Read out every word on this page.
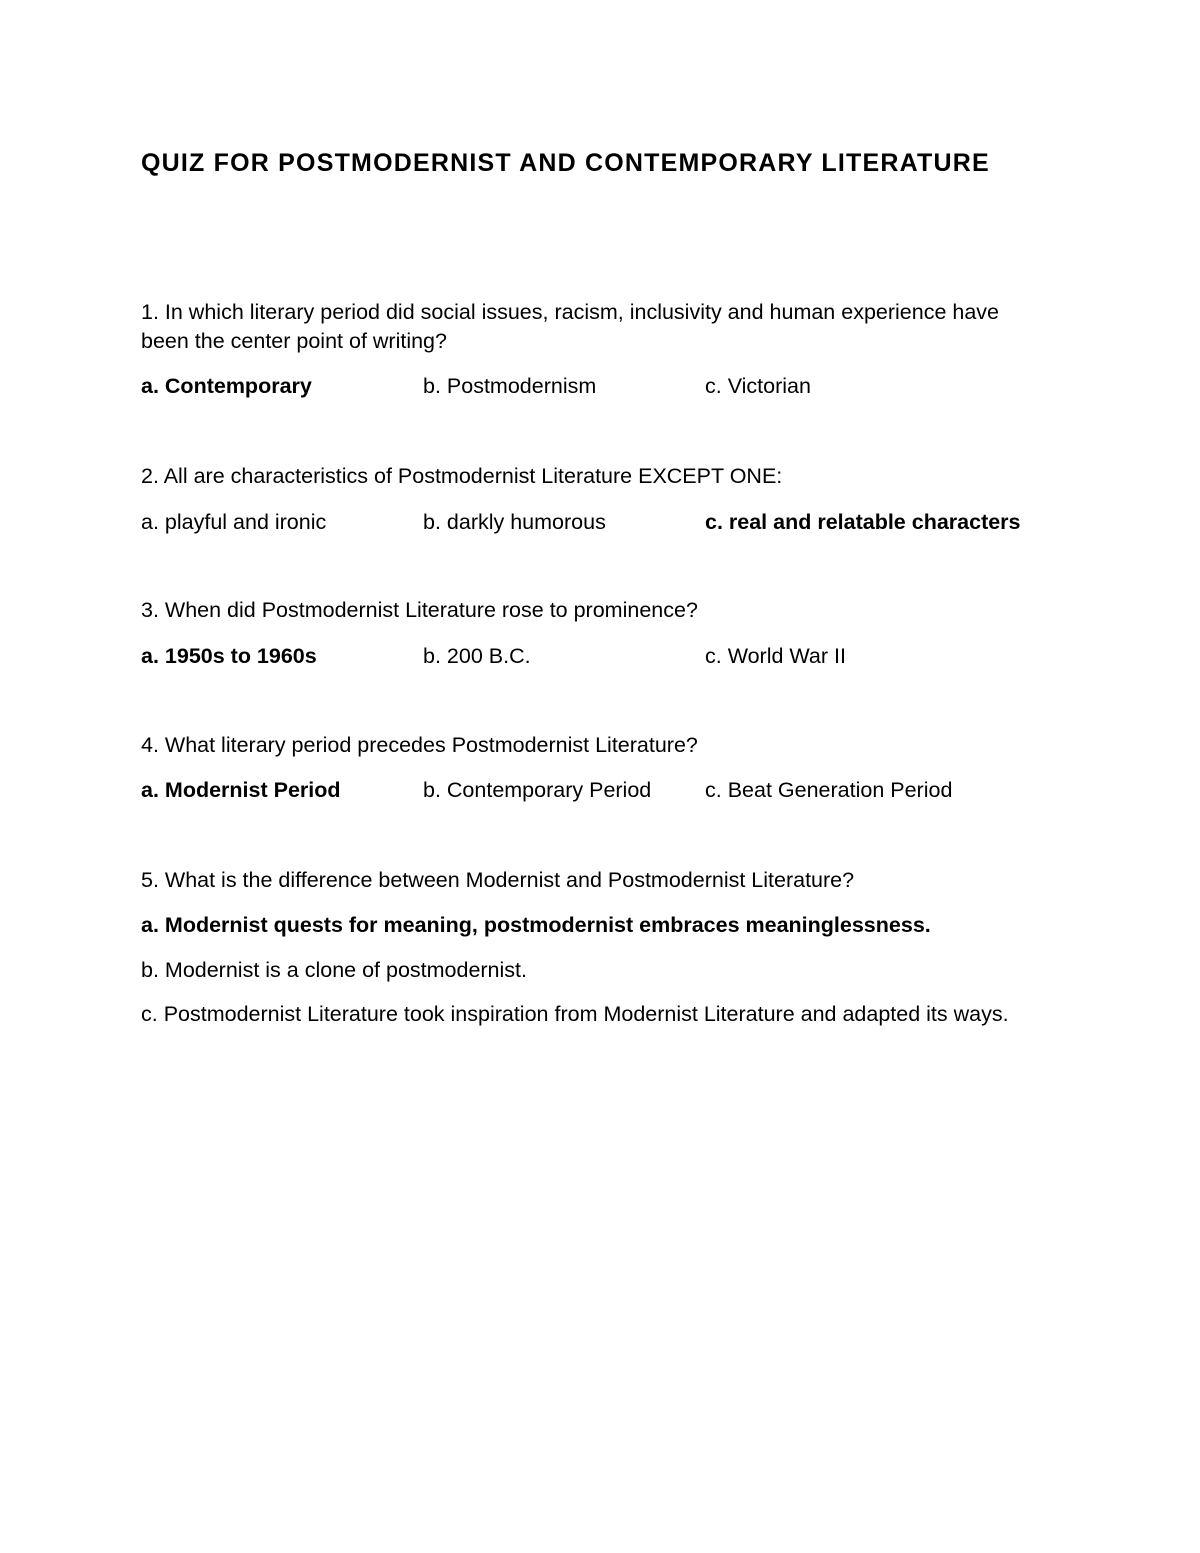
QUIZ FOR POSTMODERNIST AND CONTEMPORARY LITERATURE

1. In which literary period did social issues, racism, inclusivity and human experience have been the center point of writing?

a. Contemporary	b. Postmodernism	c. Victorian

2. All are characteristics of Postmodernist Literature EXCEPT ONE:

a. playful and ironic	b. darkly humorous	c. real and relatable characters

3. When did Postmodernist Literature rose to prominence?

a. 1950s to 1960s	b. 200 B.C.	c. World War II

4. What literary period precedes Postmodernist Literature?

a. Modernist Period	b. Contemporary Period	c. Beat Generation Period

5. What is the difference between Modernist and Postmodernist Literature?

a. Modernist quests for meaning, postmodernist embraces meaninglessness.
b. Modernist is a clone of postmodernist.
c. Postmodernist Literature took inspiration from Modernist Literature and adapted its ways.
